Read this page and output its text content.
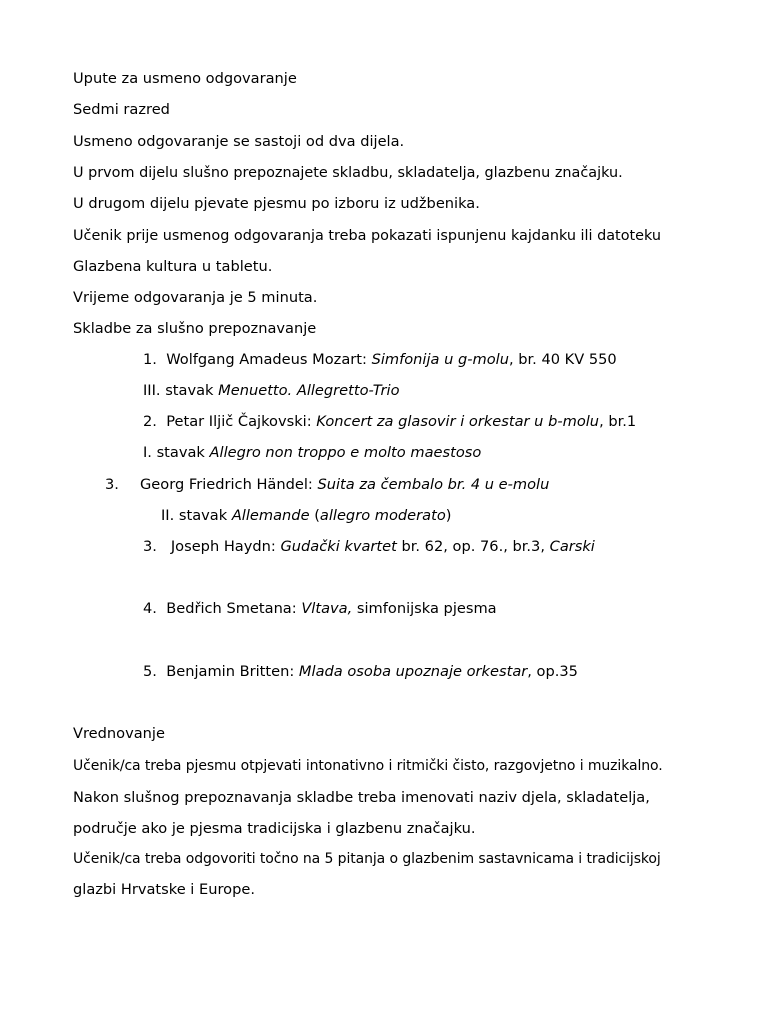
Upute za usmeno odgovaranje
Sedmi razred
Usmeno odgovaranje se sastoji od dva dijela.
U prvom dijelu slušno prepoznajete skladbu, skladatelja, glazbenu značajku.
U drugom dijelu pjevate pjesmu po izboru iz udžbenika.
Učenik prije usmenog odgovaranja treba pokazati ispunjenu kajdanku ili datoteku
Glazbena kultura u tabletu.
Vrijeme odgovaranja je 5 minuta.
Skladbe za slušno prepoznavanje
1. Wolfgang Amadeus Mozart: Simfonija u g-molu, br. 40 KV 550
III. stavak Menuetto. Allegretto-Trio
2. Petar Iljič Čajkovski: Koncert za glasovir i orkestar u b-molu, br.1
I. stavak Allegro non troppo e molto maestoso
3. Georg Friedrich Händel: Suita za čembalo br. 4 u e-molu
II. stavak Allemande (allegro moderato)
3. Joseph Haydn: Gudački kvartet br. 62, op. 76., br.3, Carski
4. Bedřich Smetana: Vltava, simfonijska pjesma
5. Benjamin Britten: Mlada osoba upoznaje orkestar, op.35
Vrednovanje
Učenik/ca treba pjesmu otpjevati intonativno i ritmički čisto, razgovjetno i muzikalno.
Nakon slušnog prepoznavanja skladbe treba imenovati naziv djela, skladatelja,
područje ako je pjesma tradicijska i glazbenu značajku.
Učenik/ca treba odgovoriti točno na 5 pitanja o glazbenim sastavnicama i tradicijskoj
glazbi Hrvatske i Europe.
